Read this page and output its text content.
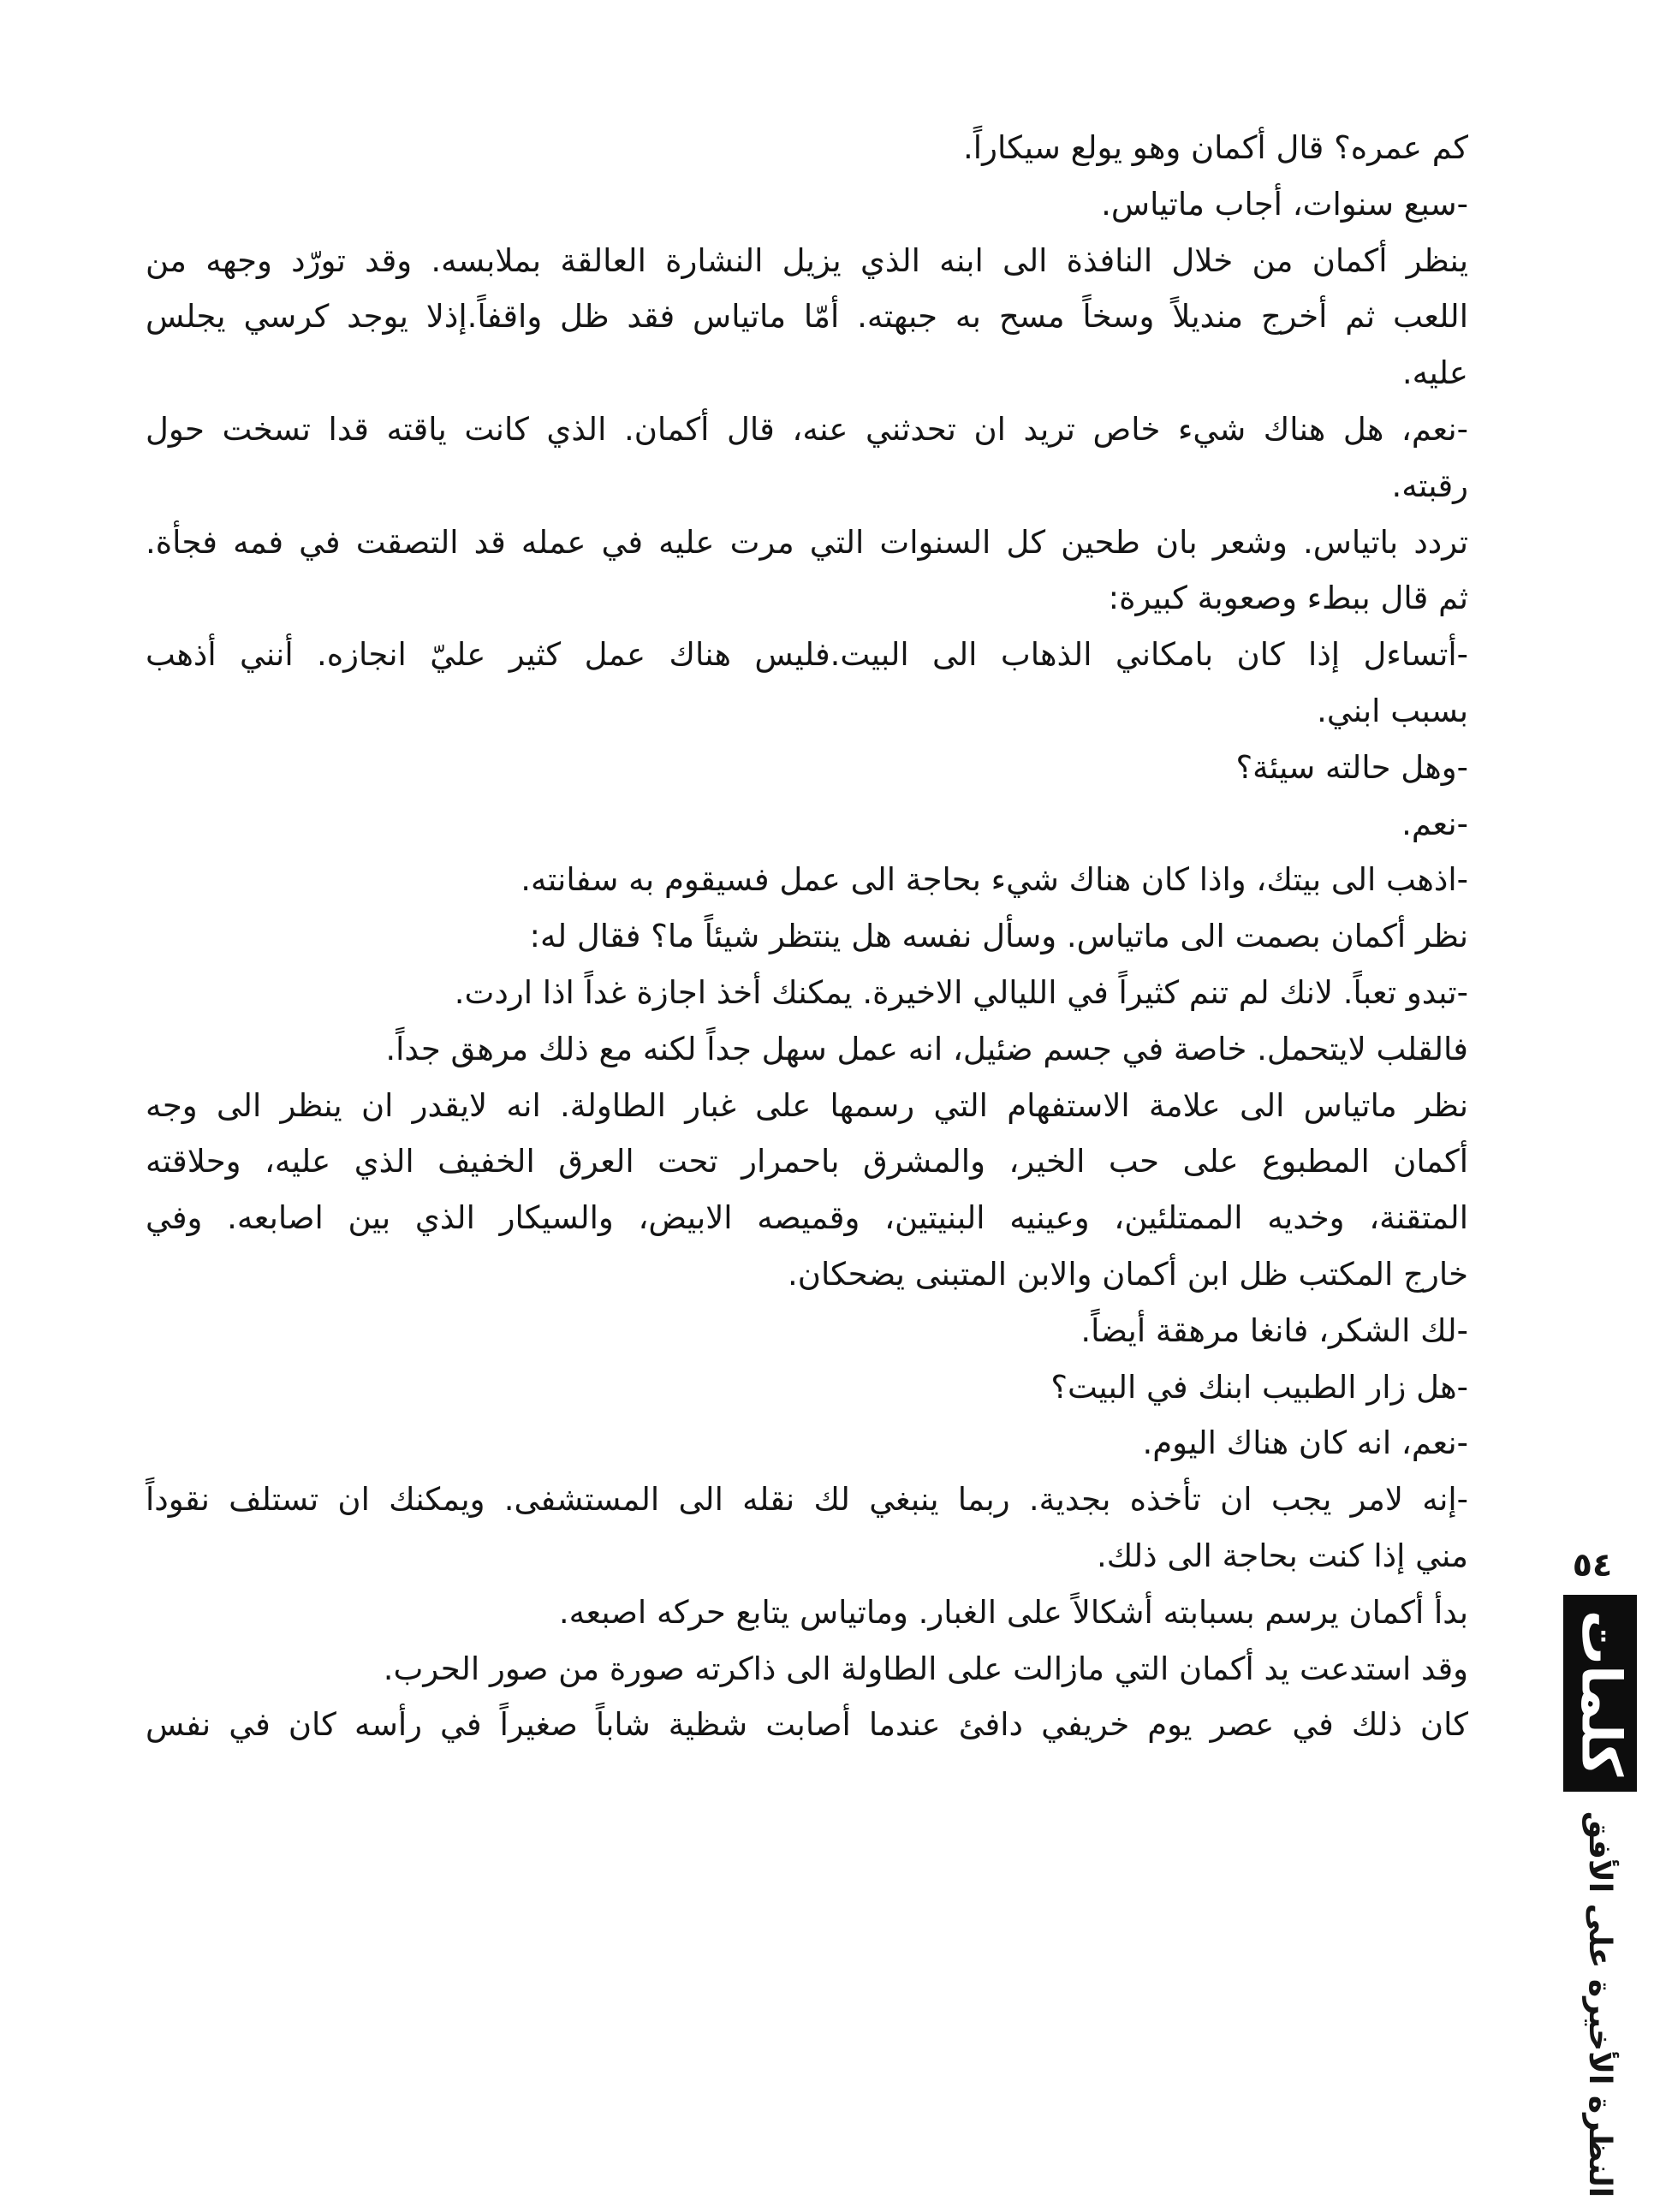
كم عمره؟ قال أكمان وهو يولع سيكاراً.
-سبع سنوات، أجاب ماتياس.
ينظر أكمان من خلال النافذة الى ابنه الذي يزيل النشارة العالقة بملابسه. وقد تورّد وجهه من
اللعب ثم أخرج منديلاً وسخاً مسح به جبهته. أمّا ماتياس فقد ظل واقفاً.إذلا يوجد كرسي يجلس
عليه.
-نعم، هل هناك شيء خاص تريد ان تحدثني عنه، قال أكمان. الذي كانت ياقته قدا تسخت حول
رقبته.
تردد باتياس. وشعر بان طحين كل السنوات التي مرت عليه في عمله قد التصقت في فمه فجأة.
ثم قال ببطء وصعوبة كبيرة:
-أتساءل إذا كان بامكاني الذهاب الى البيت.فليس هناك عمل كثير عليّ انجازه. أنني أذهب
بسبب ابني.
-وهل حالته سيئة؟
-نعم.
-اذهب الى بيتك، واذا كان هناك شيء بحاجة الى عمل فسيقوم به سفانته.
نظر أكمان بصمت الى ماتياس. وسأل نفسه هل ينتظر شيئاً ما؟ فقال له:
-تبدو تعباً. لانك لم تنم كثيراً في الليالي الاخيرة. يمكنك أخذ اجازة غداً اذا اردت.
فالقلب لايتحمل. خاصة في جسم ضئيل، انه عمل سهل جداً لكنه مع ذلك مرهق جداً.
نظر ماتياس الى علامة الاستفهام التي رسمها على غبار الطاولة. انه لايقدر ان ينظر الى وجه
أكمان المطبوع على حب الخير، والمشرق باحمرار تحت العرق الخفيف الذي عليه، وحلاقته
المتقنة، وخديه الممتلئين، وعينيه البنيتين، وقميصه الابيض، والسيكار الذي بين اصابعه. وفي
خارج المكتب ظل ابن أكمان والابن المتبنى يضحكان.
-لك الشكر، فانغا مرهقة أيضاً.
-هل زار الطبيب ابنك في البيت؟
-نعم، انه كان هناك اليوم.
-إنه لامر يجب ان تأخذه بجدية. ربما ينبغي لك نقله الى المستشفى. ويمكنك ان تستلف نقوداً
مني إذا كنت بحاجة الى ذلك.
بدأ أكمان يرسم بسبابته أشكالاً على الغبار. وماتياس يتابع حركه اصبعه.
وقد استدعت يد أكمان التي مازالت على الطاولة الى ذاكرته صورة من صور الحرب.
كان ذلك في عصر يوم خريفي دافئ عندما أصابت شظية شاباً صغيراً في رأسه كان في نفس
٥٤
كلمات
النظرة الأخيرة على الأفق
